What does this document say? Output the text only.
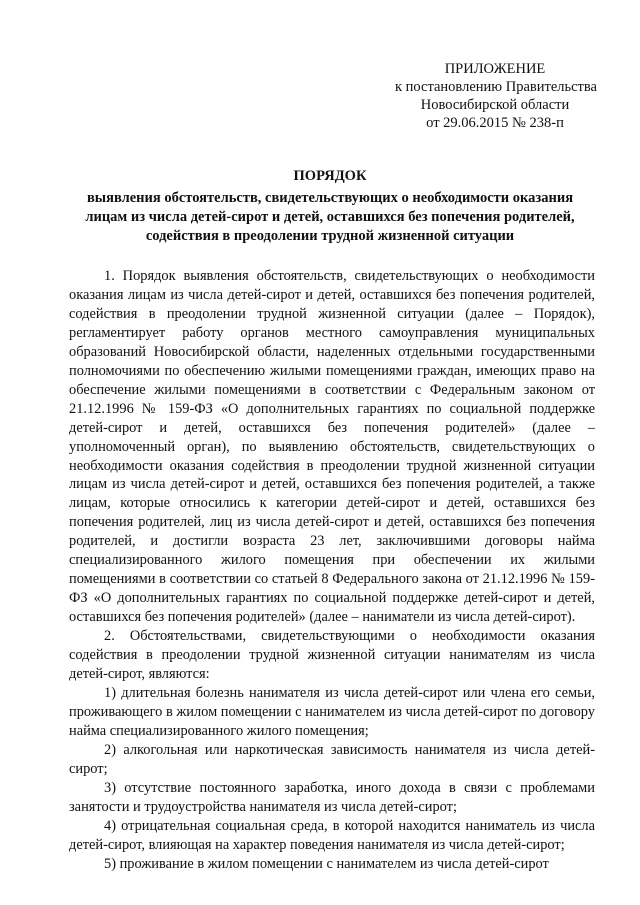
ПРИЛОЖЕНИЕ
к постановлению Правительства
Новосибирской области
от 29.06.2015 № 238-п
ПОРЯДОК
выявления обстоятельств, свидетельствующих о необходимости оказания
лицам из числа детей-сирот и детей, оставшихся без попечения родителей,
содействия в преодолении трудной жизненной ситуации

1. Порядок выявления обстоятельств, свидетельствующих о необходимости оказания лицам из числа детей-сирот и детей, оставшихся без попечения родителей, содействия в преодолении трудной жизненной ситуации (далее – Порядок), регламентирует работу органов местного самоуправления муниципальных образований Новосибирской области, наделенных отдельными государственными полномочиями по обеспечению жилыми помещениями граждан, имеющих право на обеспечение жилыми помещениями в соответствии с Федеральным законом от 21.12.1996 № 159-ФЗ «О дополнительных гарантиях по социальной поддержке детей-сирот и детей, оставшихся без попечения родителей» (далее – уполномоченный орган), по выявлению обстоятельств, свидетельствующих о необходимости оказания содействия в преодолении трудной жизненной ситуации лицам из числа детей-сирот и детей, оставшихся без попечения родителей, а также лицам, которые относились к категории детей-сирот и детей, оставшихся без попечения родителей, лиц из числа детей-сирот и детей, оставшихся без попечения родителей, и достигли возраста 23 лет, заключившими договоры найма специализированного жилого помещения при обеспечении их жилыми помещениями в соответствии со статьей 8 Федерального закона от 21.12.1996 № 159-ФЗ «О дополнительных гарантиях по социальной поддержке детей-сирот и детей, оставшихся без попечения родителей» (далее – наниматели из числа детей-сирот).

2. Обстоятельствами, свидетельствующими о необходимости оказания содействия в преодолении трудной жизненной ситуации нанимателям из числа детей-сирот, являются:

1) длительная болезнь нанимателя из числа детей-сирот или члена его семьи, проживающего в жилом помещении с нанимателем из числа детей-сирот по договору найма специализированного жилого помещения;

2) алкогольная или наркотическая зависимость нанимателя из числа детей-сирот;

3) отсутствие постоянного заработка, иного дохода в связи с проблемами занятости и трудоустройства нанимателя из числа детей-сирот;

4) отрицательная социальная среда, в которой находится наниматель из числа детей-сирот, влияющая на характер поведения нанимателя из числа детей-сирот;

5) проживание в жилом помещении с нанимателем из числа детей-сирот
